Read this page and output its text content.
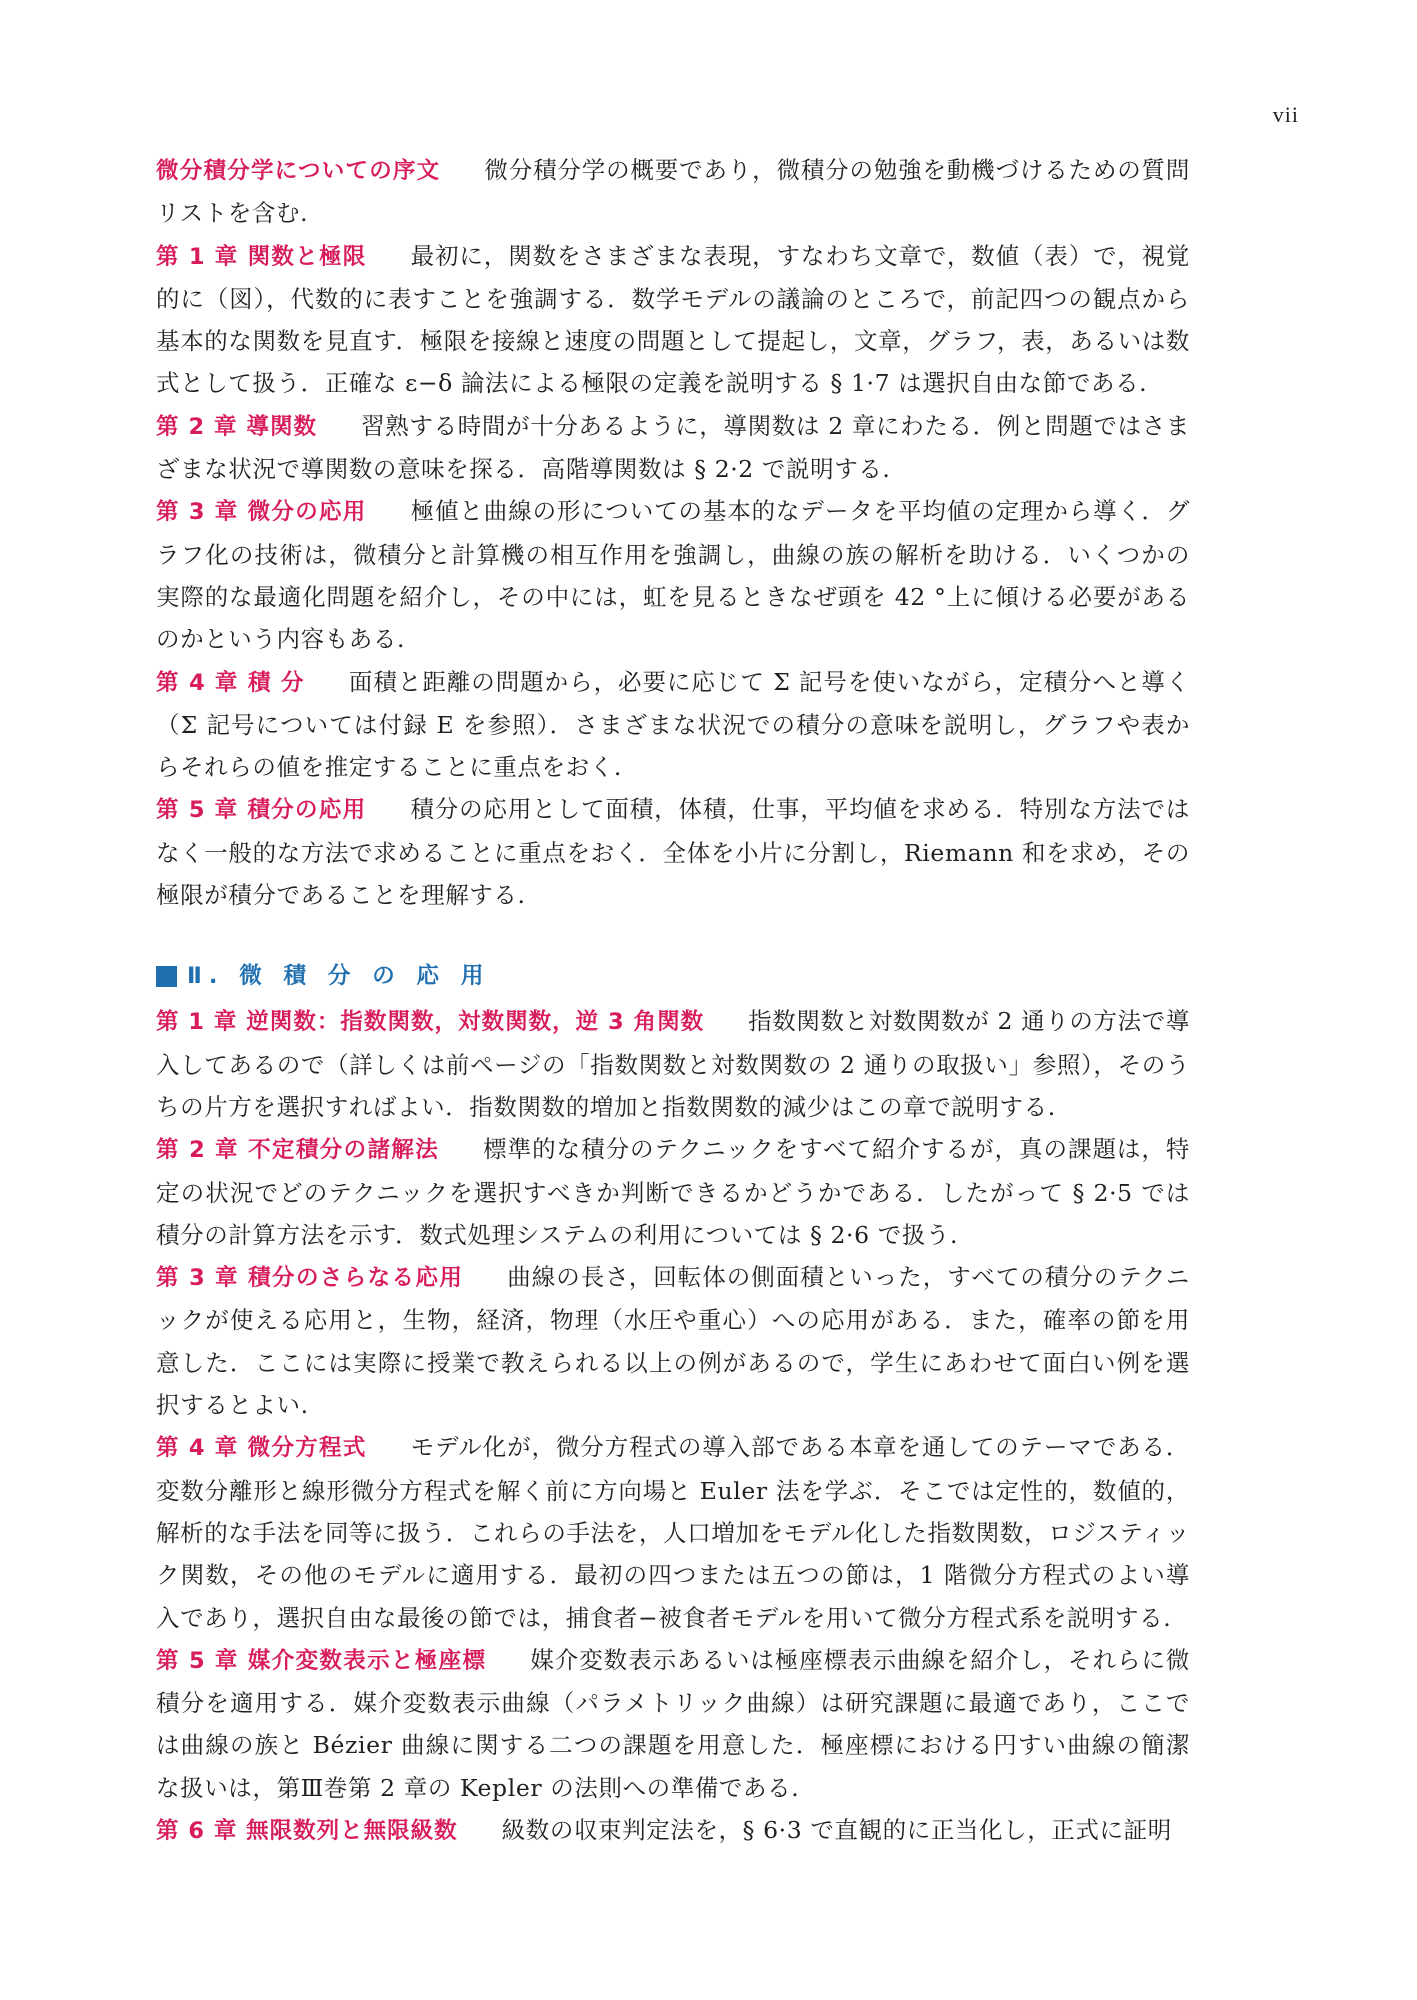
vii

微分積分学についての序文 微分積分学の概要であり，微積分の勉強を動機づけるための質問リストを含む.

第 1 章 関数と極限 最初に，関数をさまざまな表現，すなわち文章で，数値（表）で，視覚的に（図），代数的に表すことを強調する．数学モデルの議論のところで，前記四つの観点から基本的な関数を見直す．極限を接線と速度の問題として提起し，文章，グラフ，表，あるいは数式として扱う．正確な ε−δ 論法による極限の定義を説明する § 1·7 は選択自由な節である.

第 2 章 導関数 習熟する時間が十分あるように，導関数は 2 章にわたる．例と問題ではさまざまな状況で導関数の意味を探る．高階導関数は § 2·2 で説明する.

第 3 章 微分の応用 極値と曲線の形についての基本的なデータを平均値の定理から導く．グラフ化の技術は，微積分と計算機の相互作用を強調し，曲線の族の解析を助ける．いくつかの実際的な最適化問題を紹介し，その中には，虹を見るときなぜ頭を 42 °上に傾ける必要があるのかという内容もある.

第 4 章 積 分 面積と距離の問題から，必要に応じて Σ 記号を使いながら，定積分へと導く（Σ 記号については付録 E を参照）．さまざまな状況での積分の意味を説明し，グラフや表からそれらの値を推定することに重点をおく.

第 5 章 積分の応用 積分の応用として面積，体積，仕事，平均値を求める．特別な方法ではなく一般的な方法で求めることに重点をおく．全体を小片に分割し，Riemann 和を求め，その極限が積分であることを理解する.

Ⅱ. 微 積 分 の 応 用

第 1 章 逆関数：指数関数，対数関数，逆 3 角関数 指数関数と対数関数が 2 通りの方法で導入してあるので（詳しくは前ページの「指数関数と対数関数の 2 通りの取扱い」参照），そのうちの片方を選択すればよい．指数関数的増加と指数関数的減少はこの章で説明する.

第 2 章 不定積分の諸解法 標準的な積分のテクニックをすべて紹介するが，真の課題は，特定の状況でどのテクニックを選択すべきか判断できるかどうかである．したがって § 2·5 では積分の計算方法を示す．数式処理システムの利用については § 2·6 で扱う.

第 3 章 積分のさらなる応用 曲線の長さ，回転体の側面積といった，すべての積分のテクニックが使える応用と，生物，経済，物理（水圧や重心）への応用がある．また，確率の節を用意した．ここには実際に授業で教えられる以上の例があるので，学生にあわせて面白い例を選択するとよい.

第 4 章 微分方程式 モデル化が，微分方程式の導入部である本章を通してのテーマである．変数分離形と線形微分方程式を解く前に方向場と Euler 法を学ぶ．そこでは定性的，数値的，解析的な手法を同等に扱う．これらの手法を，人口増加をモデル化した指数関数，ロジスティック関数，その他のモデルに適用する．最初の四つまたは五つの節は，1 階微分方程式のよい導入であり，選択自由な最後の節では，捕食者−被食者モデルを用いて微分方程式系を説明する.

第 5 章 媒介変数表示と極座標 媒介変数表示あるいは極座標表示曲線を紹介し，それらに微積分を適用する．媒介変数表示曲線（パラメトリック曲線）は研究課題に最適であり，ここでは曲線の族と Bézier 曲線に関する二つの課題を用意した．極座標における円すい曲線の簡潔な扱いは，第Ⅲ巻第 2 章の Kepler の法則への準備である.

第 6 章 無限数列と無限級数 級数の収束判定法を，§ 6·3 で直観的に正当化し，正式に証明
